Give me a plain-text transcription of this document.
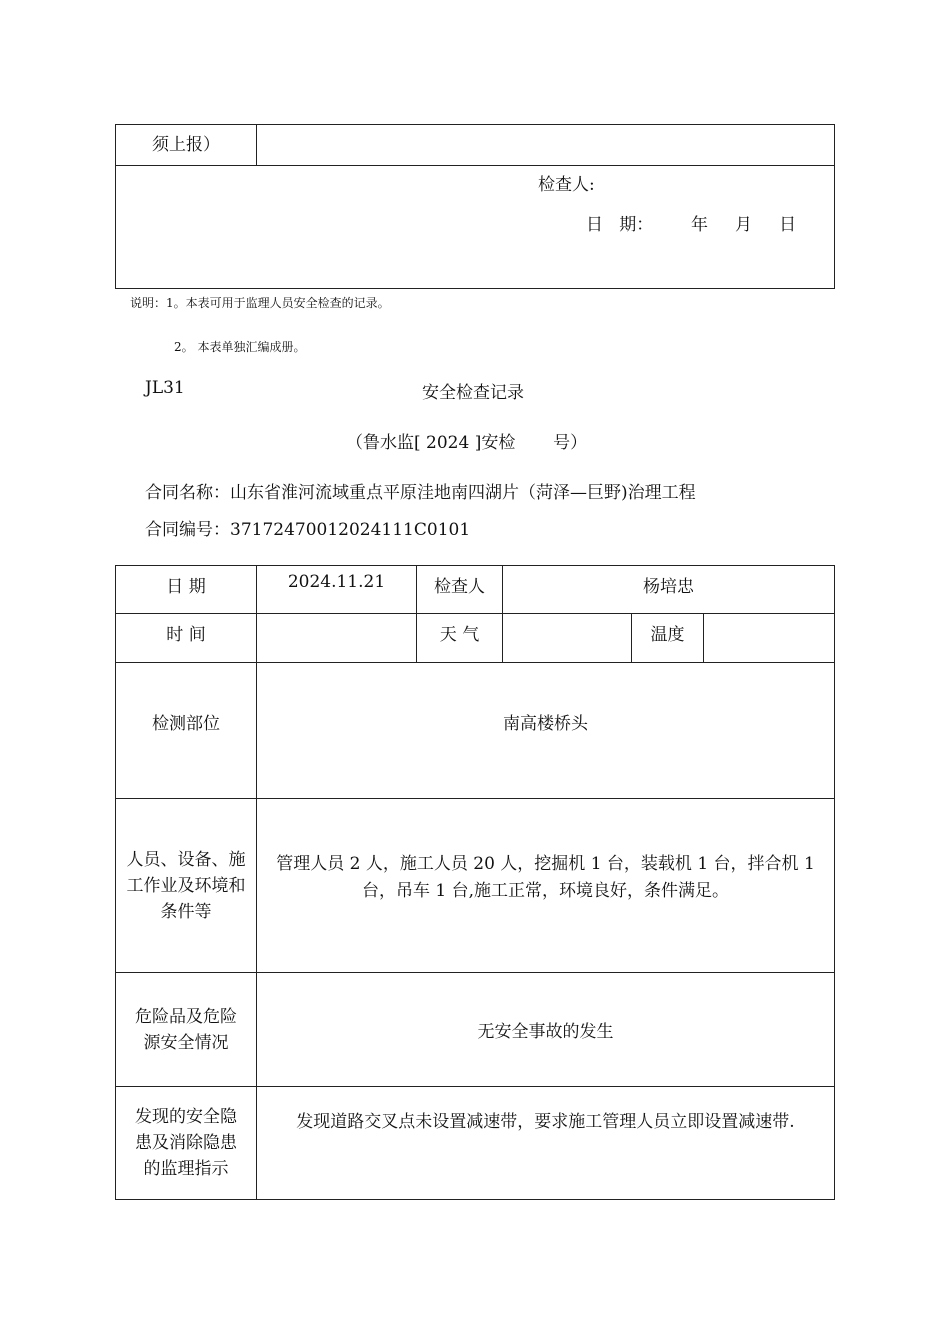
须上报）	

检查人:
日   期：       年     月     日
说明：1。本表可用于监理人员安全检查的记录。
2。 本表单独汇编成册。
JL31	安全检查记录
（鲁水监[ 2024 ]安检       号）
合同名称：山东省淮河流域重点平原洼地南四湖片（菏泽—巨野)治理工程
合同编号：37172470012024111C0101
日 期	2024.11.21	检查人	杨培忠		
时 间		天 气		温度	
检测部位	南高楼桥头				
人员、设备、施工作业及环境和条件等	管理人员 2 人，施工人员 20 人，挖掘机 1 台，装载机 1 台，拌合机 1 台，吊车 1 台,施工正常，环境良好，条件满足。				
危险品及危险源安全情况	无安全事故的发生				
发现的安全隐患及消除隐患的监理指示	发现道路交叉点未设置减速带，要求施工管理人员立即设置减速带.				
